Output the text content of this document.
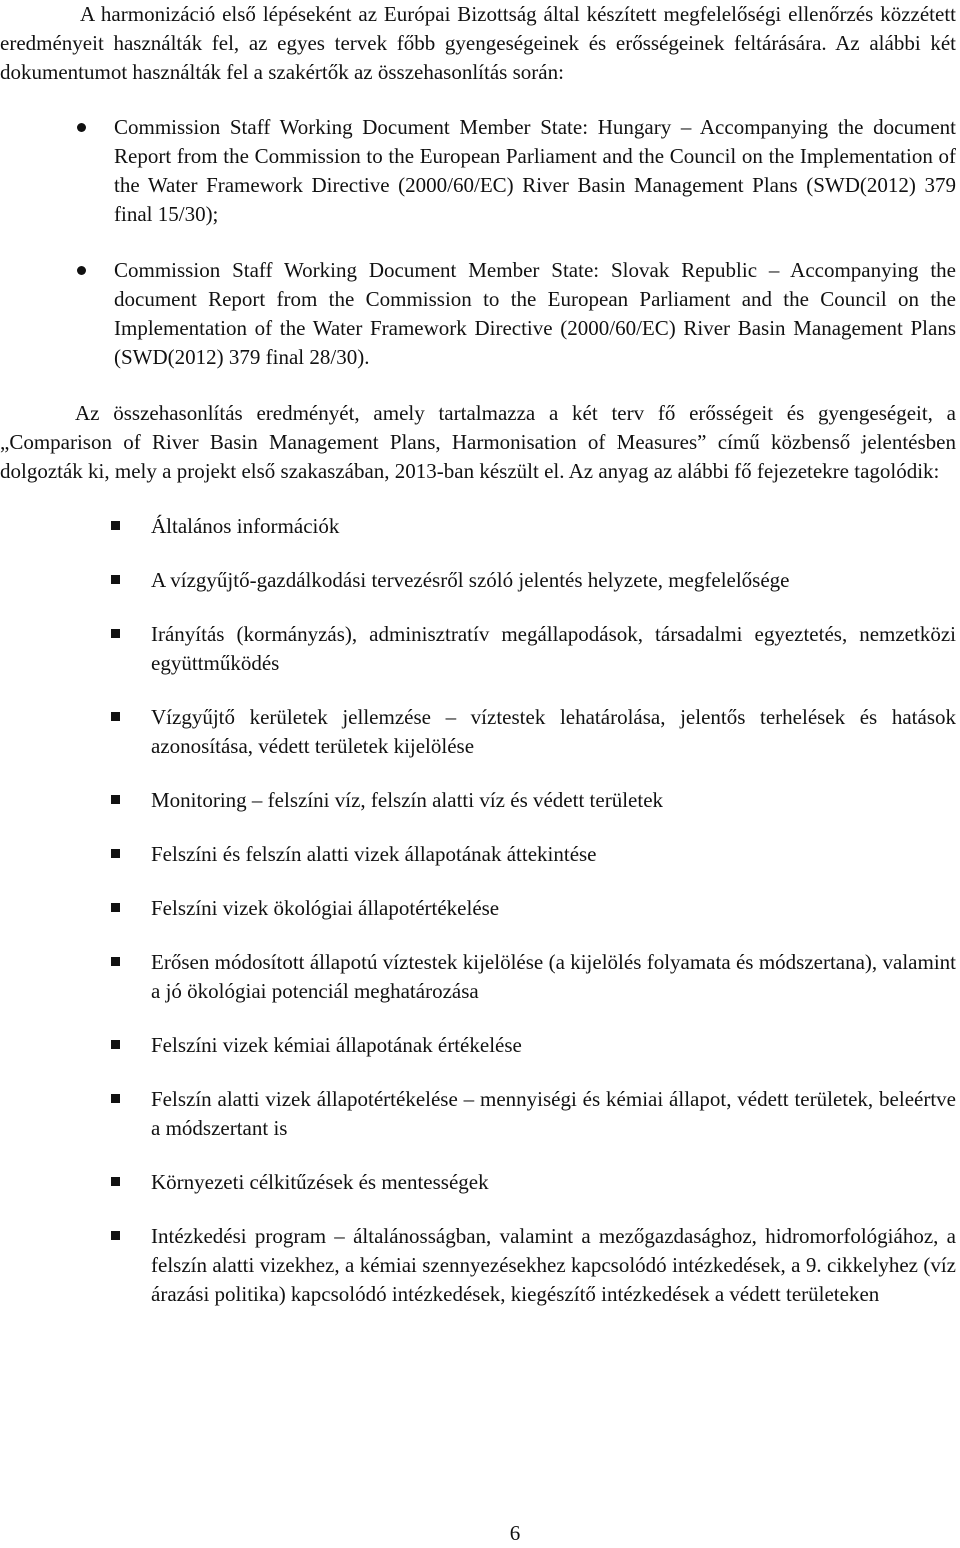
A harmonizáció első lépéseként az Európai Bizottság által készített megfelelőségi ellenőrzés közzétett eredményeit használták fel, az egyes tervek főbb gyengeségeinek és erősségeinek feltárására. Az alábbi két dokumentumot használták fel a szakértők az összehasonlítás során:

Commission Staff Working Document Member State: Hungary – Accompanying the document Report from the Commission to the European Parliament and the Council on the Implementation of the Water Framework Directive (2000/60/EC) River Basin Management Plans (SWD(2012) 379 final 15/30);
Commission Staff Working Document Member State: Slovak Republic – Accompanying the document Report from the Commission to the European Parliament and the Council on the Implementation of the Water Framework Directive (2000/60/EC) River Basin Management Plans (SWD(2012) 379 final 28/30).

Az összehasonlítás eredményét, amely tartalmazza a két terv fő erősségeit és gyengeségeit, a „Comparison of River Basin Management Plans, Harmonisation of Measures” című közbenső jelentésben dolgozták ki, mely a projekt első szakaszában, 2013-ban készült el. Az anyag az alábbi fő fejezetekre tagolódik:

Általános információk
A vízgyűjtő-gazdálkodási tervezésről szóló jelentés helyzete, megfelelősége
Irányítás (kormányzás), adminisztratív megállapodások, társadalmi egyeztetés, nemzetközi együttműködés
Vízgyűjtő kerületek jellemzése – víztestek lehatárolása, jelentős terhelések és hatások azonosítása, védett területek kijelölése
Monitoring – felszíni víz, felszín alatti víz és védett területek
Felszíni és felszín alatti vizek állapotának áttekintése
Felszíni vizek ökológiai állapotértékelése
Erősen módosított állapotú víztestek kijelölése (a kijelölés folyamata és módszertana), valamint a jó ökológiai potenciál meghatározása
Felszíni vizek kémiai állapotának értékelése
Felszín alatti vizek állapotértékelése – mennyiségi és kémiai állapot, védett területek, beleértve a módszertant is
Környezeti célkitűzések és mentességek
Intézkedési program – általánosságban, valamint a mezőgazdasághoz, hidromorfológiához, a felszín alatti vizekhez, a kémiai szennyezésekhez kapcsolódó intézkedések, a 9. cikkelyhez (víz árazási politika) kapcsolódó intézkedések, kiegészítő intézkedések a védett területeken
6
